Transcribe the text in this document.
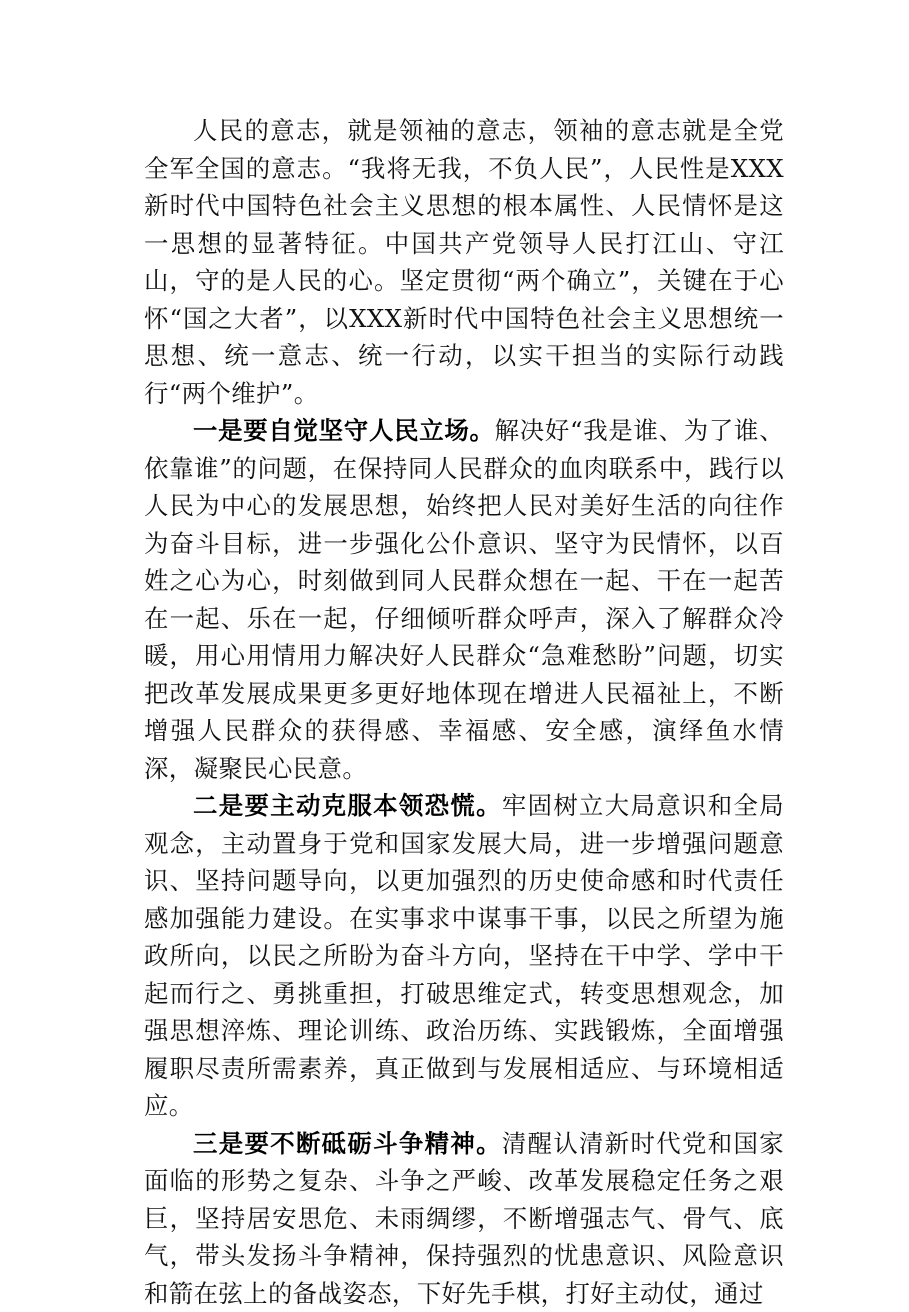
人民的意志，就是领袖的意志，领袖的意志就是全党全军全国的意志。“我将无我，不负人民”，人民性是XXX新时代中国特色社会主义思想的根本属性、人民情怀是这一思想的显著特征。中国共产党领导人民打江山、守江山，守的是人民的心。坚定贯彻“两个确立”，关键在于心怀“国之大者”，以XXX新时代中国特色社会主义思想统一思想、统一意志、统一行动，以实干担当的实际行动践行“两个维护”。

一是要自觉坚守人民立场。解决好“我是谁、为了谁、依靠谁”的问题，在保持同人民群众的血肉联系中，践行以人民为中心的发展思想，始终把人民对美好生活的向往作为奋斗目标，进一步强化公仆意识、坚守为民情怀，以百姓之心为心，时刻做到同人民群众想在一起、干在一起苦在一起、乐在一起，仔细倾听群众呼声，深入了解群众冷暖，用心用情用力解决好人民群众“急难愁盼”问题，切实把改革发展成果更多更好地体现在增进人民福祉上，不断增强人民群众的获得感、幸福感、安全感，演绎鱼水情深，凝聚民心民意。

二是要主动克服本领恐慌。牢固树立大局意识和全局观念，主动置身于党和国家发展大局，进一步增强问题意识、坚持问题导向，以更加强烈的历史使命感和时代责任感加强能力建设。在实事求中谋事干事，以民之所望为施政所向，以民之所盼为奋斗方向，坚持在干中学、学中干起而行之、勇挑重担，打破思维定式，转变思想观念，加强思想淬炼、理论训练、政治历练、实践锻炼，全面增强履职尽责所需素养，真正做到与发展相适应、与环境相适应。

三是要不断砥砺斗争精神。清醒认清新时代党和国家面临的形势之复杂、斗争之严峻、改革发展稳定任务之艰巨，坚持居安思危、未雨绸缪，不断增强志气、骨气、底气，带头发扬斗争精神，保持强烈的忧患意识、风险意识和箭在弦上的备战姿态，下好先手棋，打好主动仗，通过
